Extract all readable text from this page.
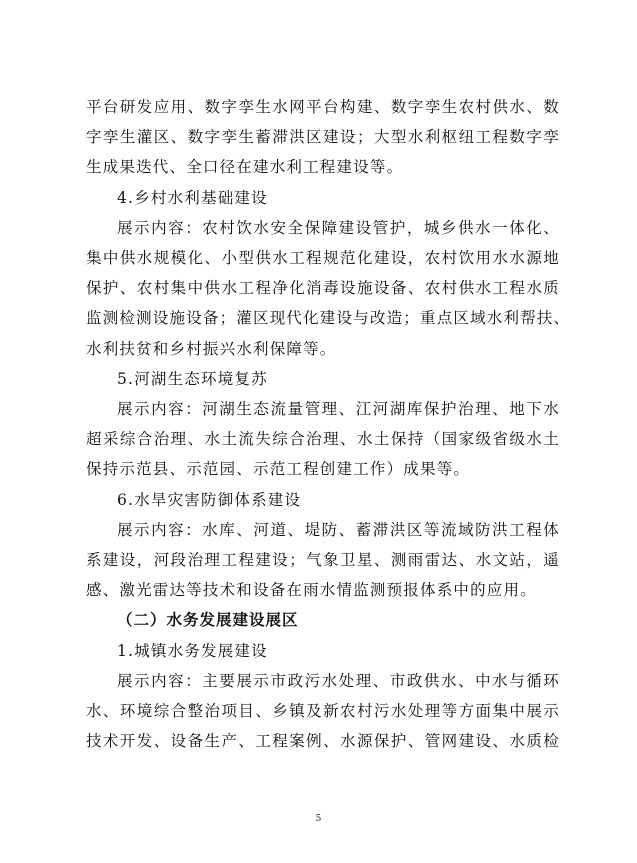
平台研发应用、数字孪生水网平台构建、数字孪生农村供水、数
字孪生灌区、数字孪生蓄滞洪区建设；大型水利枢纽工程数字孪
生成果迭代、全口径在建水利工程建设等。
4.乡村水利基础建设
展示内容：农村饮水安全保障建设管护，城乡供水一体化、
集中供水规模化、小型供水工程规范化建设，农村饮用水水源地
保护、农村集中供水工程净化消毒设施设备、农村供水工程水质
监测检测设施设备；灌区现代化建设与改造；重点区域水利帮扶、
水利扶贫和乡村振兴水利保障等。
5.河湖生态环境复苏
展示内容：河湖生态流量管理、江河湖库保护治理、地下水
超采综合治理、水土流失综合治理、水土保持（国家级省级水土
保持示范县、示范园、示范工程创建工作）成果等。
6.水旱灾害防御体系建设
展示内容：水库、河道、堤防、蓄滞洪区等流域防洪工程体
系建设，河段治理工程建设；气象卫星、测雨雷达、水文站，遥
感、激光雷达等技术和设备在雨水情监测预报体系中的应用。
（二）水务发展建设展区
1.城镇水务发展建设
展示内容：主要展示市政污水处理、市政供水、中水与循环
水、环境综合整治项目、乡镇及新农村污水处理等方面集中展示
技术开发、设备生产、工程案例、水源保护、管网建设、水质检
5
